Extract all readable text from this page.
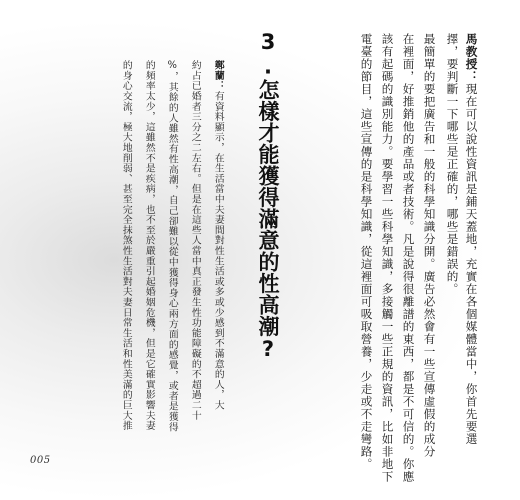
馬教授：現在可以說性資訊是鋪天蓋地，充實在各個媒體當中，你首先要選
擇，要判斷一下哪些是正確的，哪些是錯誤的。
最簡單的要把廣告和一般的科學知識分開。廣告必然會有一些宣傳虛假的成分
在裡面，好推銷他的產品或者技術。凡是說得很離譜的東西，都是不可信的。你應
該有起碼的識別能力。要學習一些科學知識，多接觸一些正規的資訊，比如非地下
電臺的節目，這些宣傳的是科學知識，從這裡面可吸取營養，少走或不走彎路。
3.怎樣才能獲得滿意的性高潮?
鄭蘭：有資料顯示，在生活當中夫妻間對性生活或多或少感到不滿意的人，大
約占已婚者三分之二左右。但是在這些人當中真正發生性功能障礙的不超過二十
%，其餘的人雖然有性高潮，自己卻難以從中獲得身心兩方面的感覺，或者是獲得
的頻率太少，這雖然不是疾病，也不至於嚴重引起婚姻危機，但是它確實影響夫妻
的身心交流，極大地削弱、甚至完全抹煞性生活對夫妻日常生活和性美滿的巨大推
005
